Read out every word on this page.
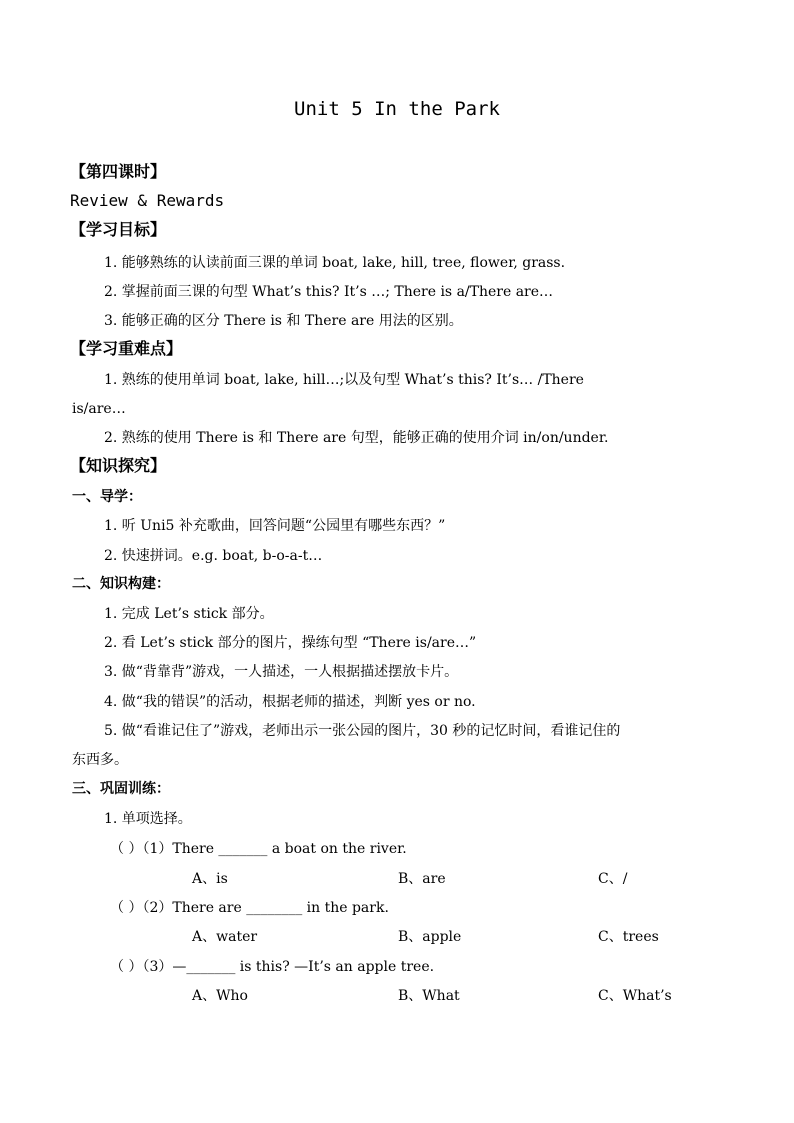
Unit 5 In the Park
【第四课时】
Review & Rewards
【学习目标】
1. 能够熟练的认读前面三课的单词 boat, lake, hill, tree, flower, grass.
2. 掌握前面三课的句型 What’s this? It’s …; There is a/There are…
3. 能够正确的区分 There is 和 There are 用法的区别。
【学习重难点】
1. 熟练的使用单词 boat, lake, hill…;以及句型 What’s this? It’s… /There
is/are…
2. 熟练的使用 There is 和 There are 句型，能够正确的使用介词 in/on/under.
【知识探究】
一、导学：
1. 听 Uni5 补充歌曲，回答问题“公园里有哪些东西？”
2. 快速拼词。e.g. boat, b-o-a-t…
二、知识构建：
1. 完成 Let’s stick 部分。
2. 看 Let’s stick 部分的图片，操练句型 “There is/are…”
3. 做“背靠背”游戏，一人描述，一人根据描述摆放卡片。
4. 做“我的错误”的活动，根据老师的描述，判断 yes or no.
5. 做“看谁记住了”游戏，老师出示一张公园的图片，30 秒的记忆时间，看谁记住的
东西多。
三、巩固训练：
1. 单项选择。
（ ）（1）There _______ a boat on the river.
A、is	B、are	C、/
（ ）（2）There are ________ in the park.
A、water	B、apple	C、trees
（ ）（3）—_______ is this? —It’s an apple tree.
A、Who	B、What	C、What’s
